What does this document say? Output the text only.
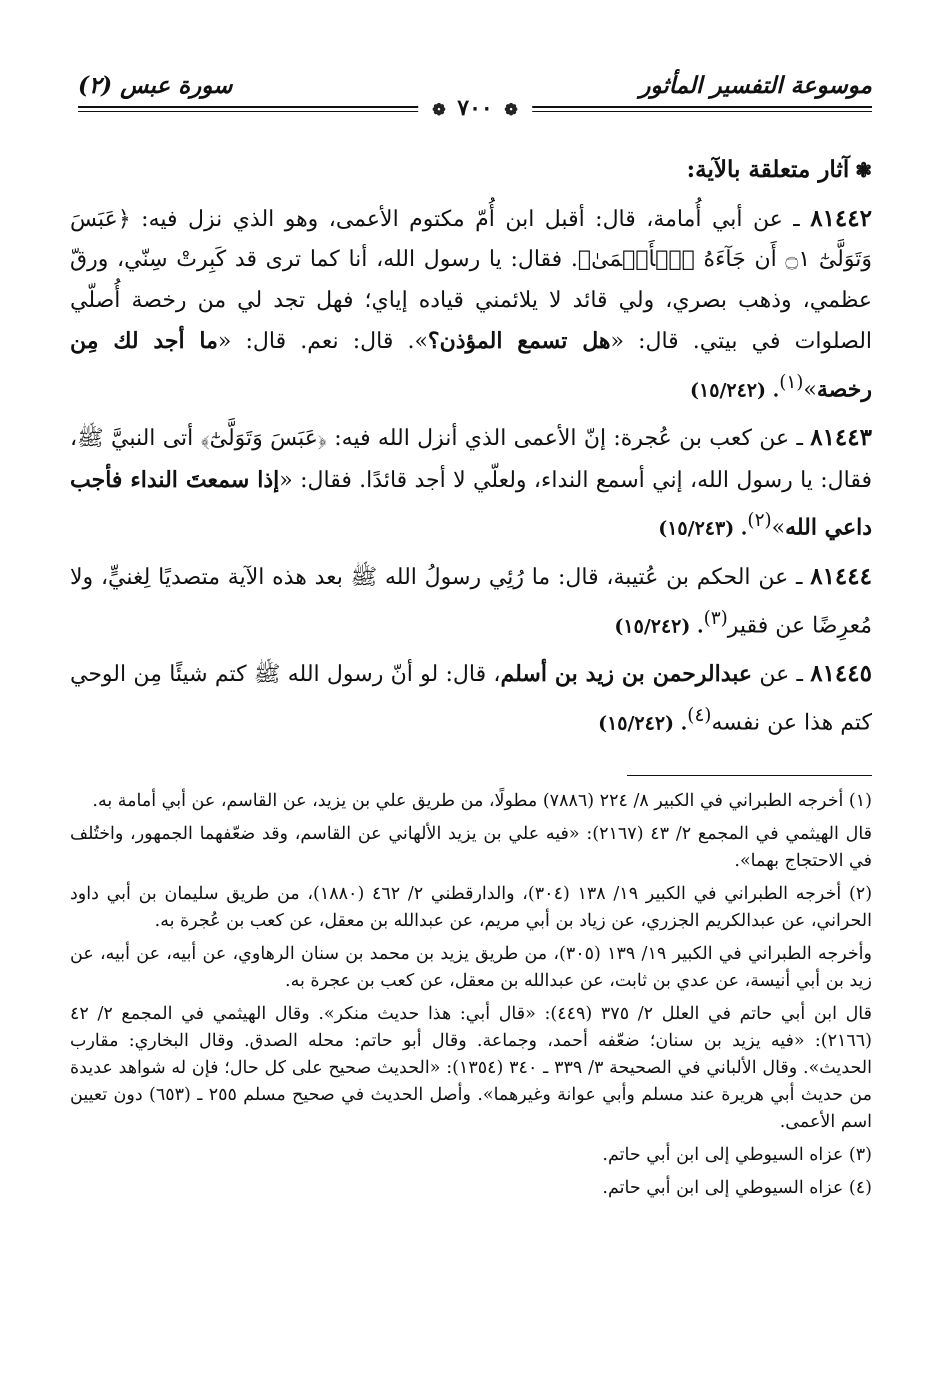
موسوعة التفسير المأثور
سورة عبس (٢)
❁ ٧٠٠ ❁
❃آثار متعلقة بالآية:
٨١٤٤٢ ـ عن أبي أُمامة، قال: أقبل ابن أُمّ مكتوم الأعمى، وهو الذي نزل فيه: ﴿عَبَسَ وَتَوَلَّىٰٓ ۝١ أَن جَآءَهُ ٱلۡأَعۡمَىٰ﴾. فقال: يا رسول الله، أنا كما ترى قد كَبِرتْ سِنّي، ورقّ عظمي، وذهب بصري، ولي قائد لا يلائمني قياده إياي؛ فهل تجد لي من رخصة أُصلّي الصلوات في بيتي. قال: «هل تسمع المؤذن؟». قال: نعم. قال: «ما أجد لك مِن رخصة»$^{(١)}$. (١٥/٢٤٢)
٨١٤٤٣ ـ عن كعب بن عُجرة: إنّ الأعمى الذي أنزل الله فيه: ﴿عَبَسَ وَتَوَلَّىٰٓ﴾ أتى النبيَّ ﷺ، فقال: يا رسول الله، إني أسمع النداء، ولعلّي لا أجد قائدًا. فقال: «إذا سمعتَ النداء فأجب داعي الله»$^{(٢)}$. (١٥/٢٤٣)
٨١٤٤٤ ـ عن الحكم بن عُتيبة، قال: ما رُئِي رسولُ الله ﷺ بعد هذه الآية متصديًا لِغنيٍّ، ولا مُعرِضًا عن فقير$^{(٣)}$. (١٥/٢٤٢)
٨١٤٤٥ ـ عن عبدالرحمن بن زيد بن أسلم، قال: لو أنّ رسول الله ﷺ كتم شيئًا مِن الوحي كتم هذا عن نفسه$^{(٤)}$. (١٥/٢٤٢)

(١) أخرجه الطبراني في الكبير ٨/ ٢٢٤ (٧٨٨٦) مطولًا، من طريق علي بن يزيد، عن القاسم، عن أبي أمامة به.

قال الهيثمي في المجمع ٢/ ٤٣ (٢١٦٧): «فيه علي بن يزيد الألهاني عن القاسم، وقد ضعّفهما الجمهور، واختُلف في الاحتجاج بهما».

(٢) أخرجه الطبراني في الكبير ١٩/ ١٣٨ (٣٠٤)، والدارقطني ٢/ ٤٦٢ (١٨٨٠)، من طريق سليمان بن أبي داود الحراني، عن عبدالكريم الجزري، عن زياد بن أبي مريم، عن عبدالله بن معقل، عن كعب بن عُجرة به.

وأخرجه الطبراني في الكبير ١٩/ ١٣٩ (٣٠٥)، من طريق يزيد بن محمد بن سنان الرهاوي، عن أبيه، عن أبيه، عن زيد بن أبي أنيسة، عن عدي بن ثابت، عن عبدالله بن معقل، عن كعب بن عجرة به.

قال ابن أبي حاتم في العلل ٢/ ٣٧٥ (٤٤٩): «قال أبي: هذا حديث منكر». وقال الهيثمي في المجمع ٢/ ٤٢ (٢١٦٦): «فيه يزيد بن سنان؛ ضعّفه أحمد، وجماعة. وقال أبو حاتم: محله الصدق. وقال البخاري: مقارب الحديث». وقال الألباني في الصحيحة ٣/ ٣٣٩ ـ ٣٤٠ (١٣٥٤): «الحديث صحيح على كل حال؛ فإن له شواهد عديدة من حديث أبي هريرة عند مسلم وأبي عوانة وغيرهما». وأصل الحديث في صحيح مسلم ٢٥٥ ـ (٦٥٣) دون تعيين اسم الأعمى.

(٣) عزاه السيوطي إلى ابن أبي حاتم.

(٤) عزاه السيوطي إلى ابن أبي حاتم.
